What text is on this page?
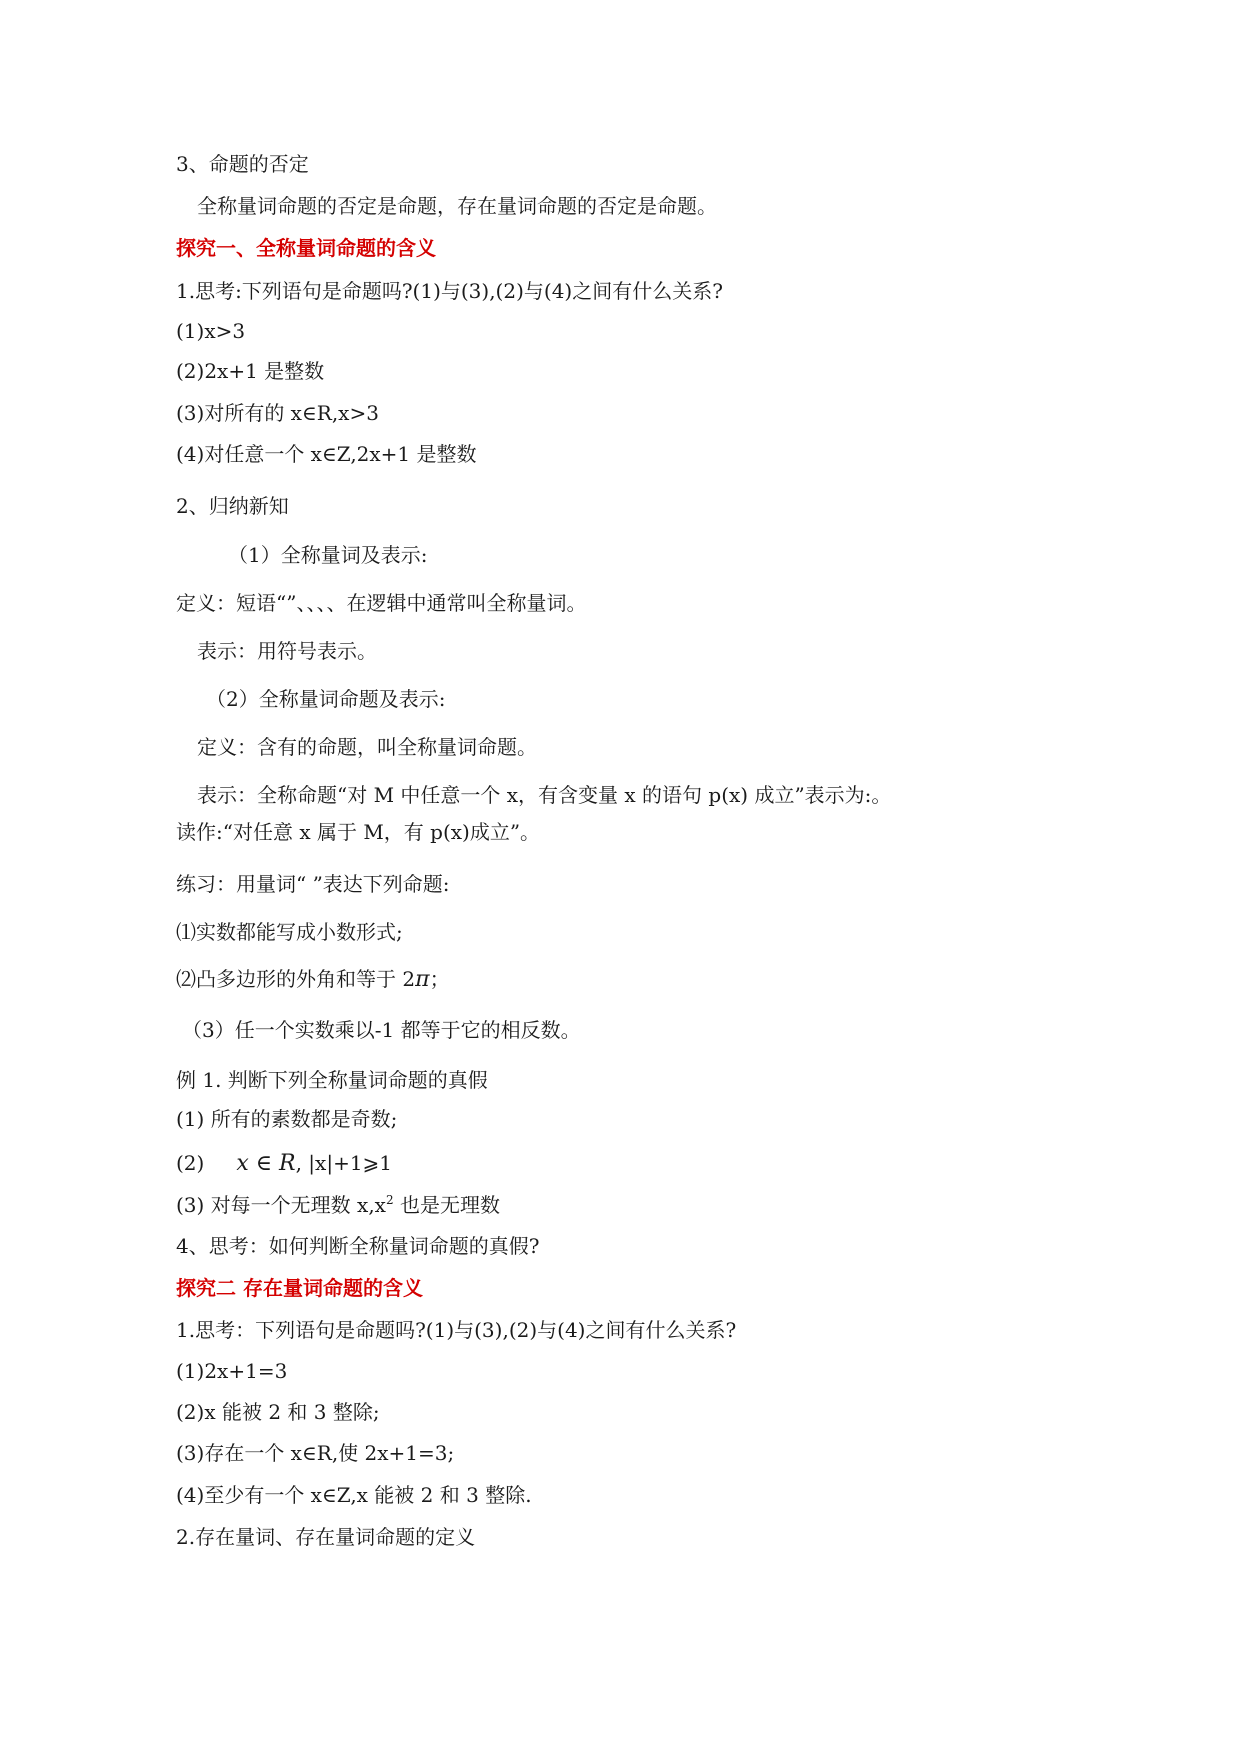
3、命题的否定
全称量词命题的否定是命题，存在量词命题的否定是命题。
探究一、全称量词命题的含义
1.思考:下列语句是命题吗?(1)与(3),(2)与(4)之间有什么关系?
(1)x>3
(2)2x+1 是整数
(3)对所有的 x∈R,x>3
(4)对任意一个 x∈Z,2x+1 是整数
2、归纳新知
（1）全称量词及表示:
定义：短语“”、、、、在逻辑中通常叫全称量词。
表示：用符号表示。
（2）全称量词命题及表示:
定义：含有的命题，叫全称量词命题。
表示：全称命题“对 M 中任意一个 x，有含变量 x 的语句 p(x) 成立”表示为:。
读作:“对任意 x 属于 M，有 p(x)成立”。
练习：用量词“ ”表达下列命题:
⑴实数都能写成小数形式;
⑵凸多边形的外角和等于 2π；
（3）任一个实数乘以-1 都等于它的相反数。
例 1. 判断下列全称量词命题的真假
(1) 所有的素数都是奇数;
(2) x ∈ R, |x|+1⩾1
(3) 对每一个无理数 $x,x^2$ 也是无理数
4、思考：如何判断全称量词命题的真假?
探究二 存在量词命题的含义
1.思考：下列语句是命题吗?(1)与(3),(2)与(4)之间有什么关系?
(1)2x+1=3
(2)x 能被 2 和 3 整除;
(3)存在一个 x∈R,使 2x+1=3;
(4)至少有一个 x∈Z,x 能被 2 和 3 整除.
2.存在量词、存在量词命题的定义
